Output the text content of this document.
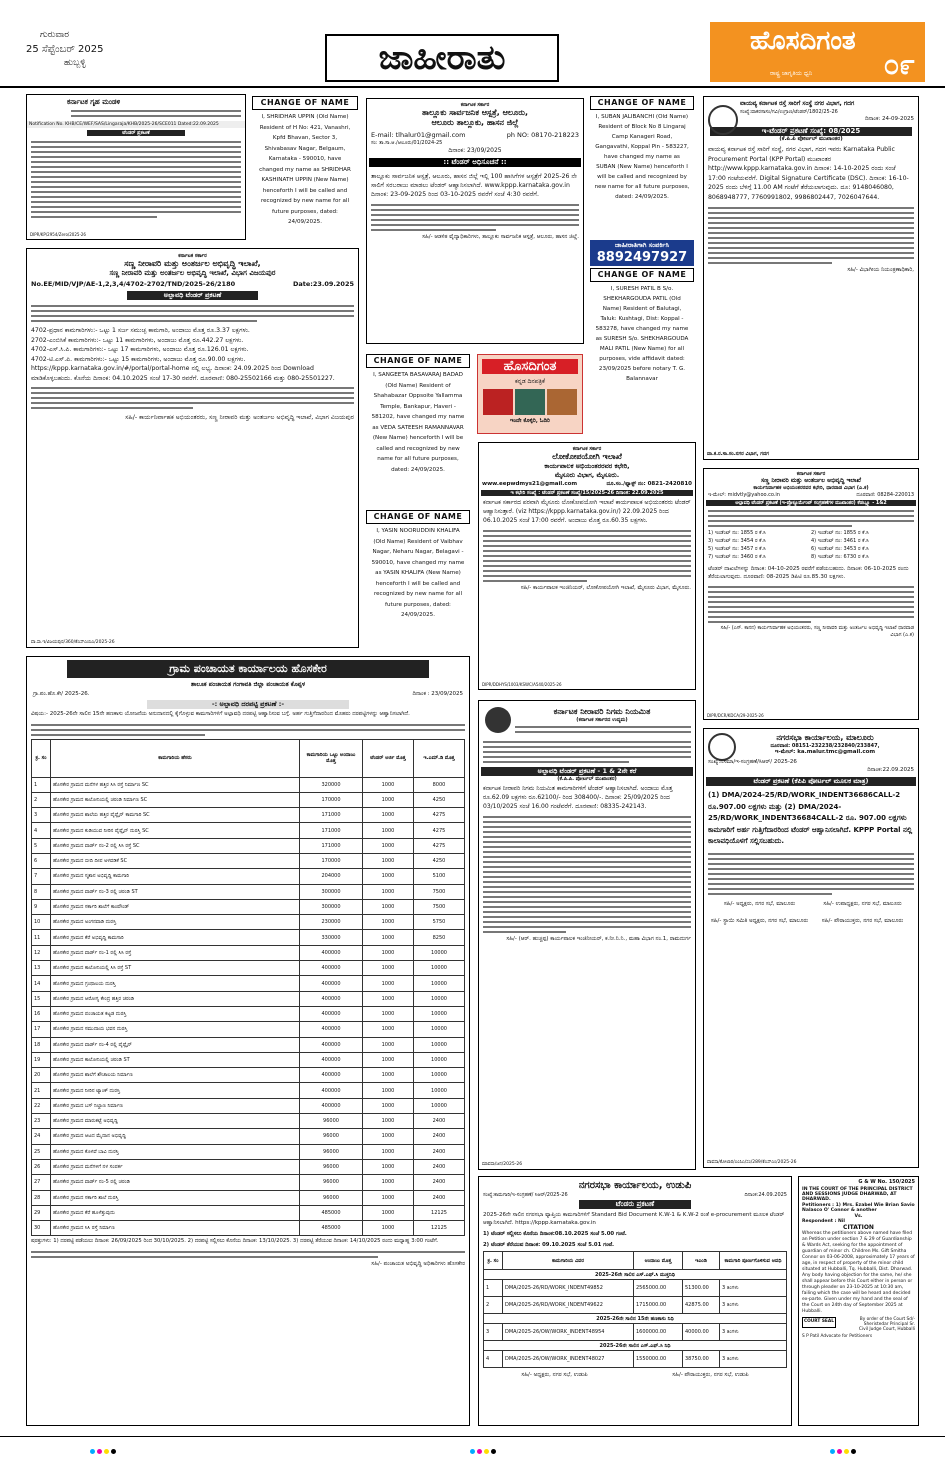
ಗುರುವಾರ
25 ಸೆಪ್ಟೆಂಬರ್ 2025
ಹುಬ್ಬಳ್ಳಿ	ಜಾಹೀರಾತು	ಹೊಸದಿಗಂತ
ರಾಷ್ಟ್ರ ಜಾಗೃತಿಯ ಧ್ವನಿ	೦೯
ಕರ್ನಾಟಕ ಗೃಹ ಮಂಡಳಿ
Notification No. KHB/CE/WEF/SAS/Lingaraja/KHB/2025-26/SCE011 Dated:22.09.2025
ಟೆಂಡರ್ ಪ್ರಕಟಣೆ
DIPR/KP/2954/Zero/2025-26
CHANGE OF NAME
I, SHRIDHAR UPPIN (Old Name) Resident of H No: 421, Vanashri, Kpfd Bhavan, Sector 3, Shivabasav Nagar, Belgaum, Karnataka - 590010, have changed my name as SHRIDHAR KASHINATH UPPIN (New Name) henceforth I will be called and recognized by new name for all future purposes, dated: 24/09/2025.
ಕರ್ನಾಟಕ ಸರ್ಕಾರ
ಸಣ್ಣ ನೀರಾವರಿ ಮತ್ತು ಅಂತರ್ಜಲ ಅಭಿವೃದ್ಧಿ ಇಲಾಖೆ,
ಸಣ್ಣ ನೀರಾವರಿ ಮತ್ತು ಅಂತರ್ಜಲ ಅಭಿವೃದ್ಧಿ ಇಲಾಖೆ, ವಿಭಾಗ ವಿಜಯಪುರ
No.EE/MID/VJP/AE-1,2,3,4/4702-2702/TND/2025-26/2180	Date:23.09.2025
ಅಲ್ಪಾವಧಿ ಟೆಂಡರ್ ಪ್ರಕಟಣೆ

4702-ಪ್ರಧಾನ ಕಾಮಗಾರಿಗಳು:- ಒಟ್ಟು 1 ಸರ್ಜ ಸಮುಚ್ಛ ಕಾಮಗಾರಿ, ಅಂದಾಜು ಮೊತ್ತ ರೂ.3.37 ಲಕ್ಷಗಳು.

2702-ಎಂಬಿಸಿಕೆ ಕಾಮಗಾರಿಗಳು:- ಒಟ್ಟು 11 ಕಾಮಗಾರಿಗಳು, ಅಂದಾಜು ಮೊತ್ತ ರೂ.442.27 ಲಕ್ಷಗಳು.

4702-ಎಸ್.ಸಿ.ಪಿ. ಕಾಮಗಾರಿಗಳು:- ಒಟ್ಟು 17 ಕಾಮಗಾರಿಗಳು, ಅಂದಾಜು ಮೊತ್ತ ರೂ.126.01 ಲಕ್ಷಗಳು.

4702-ಟಿ.ಎಸ್.ಪಿ. ಕಾಮಗಾರಿಗಳು:- ಒಟ್ಟು 15 ಕಾಮಗಾರಿಗಳು, ಅಂದಾಜು ಮೊತ್ತ ರೂ.90.00 ಲಕ್ಷಗಳು.

https://kppp.karnataka.gov.in/#/portal/portal-home ನಲ್ಲಿ ಲಭ್ಯ. ದಿನಾಂಕ: 24.09.2025 ರಿಂದ Download ಮಾಡಿಕೊಳ್ಳಬಹುದು. ಕೊನೆಯ ದಿನಾಂಕ: 04.10.2025 ಸಂಜೆ 17-30 ರವರೆಗೆ. ದೂರವಾಣಿ: 080-25502166 ಮತ್ತು 080-25501227.

ಸಹಿ/- ಕಾರ್ಯನಿರ್ವಾಹಕ ಅಭಿಯಂತರರು, ಸಣ್ಣ ನೀರಾವರಿ ಮತ್ತು ಅಂತರ್ಜಲ ಅಭಿವೃದ್ಧಿ ಇಲಾಖೆ, ವಿಭಾಗ ವಿಜಯಪುರ

ವಾ.ಸಾ.ಇ/ವಿಜಯಪುರ/360/ಕೆಎಸ್ಎಂಸಿಎ/2025-26
ಕರ್ನಾಟಕ ಸರ್ಕಾರ
ತಾಲ್ಲೂಕು ಸಾರ್ವಜನಿಕ ಆಸ್ಪತ್ರೆ, ಆಲೂರು,
ಆಲೂರು ತಾಲ್ಲೂಕು, ಹಾಸನ ಜಿಲ್ಲೆ
E-mail: tlhalur01@gmail.com	ph NO: 08170-218223
ಸಂ: ತಾ.ಸಾ.ಆ./ಆಲೂರು/01/2024-25
ದಿನಾಂಕ: 23/09/2025
:: ಟೆಂಡರ್ ಅಧಿಸೂಚನೆ ::
ತಾಲ್ಲೂಕು ಸಾರ್ವಜನಿಕ ಆಸ್ಪತ್ರೆ, ಆಲೂರು, ಹಾಸನ ಜಿಲ್ಲೆ ಇಲ್ಲಿ 100 ಹಾಸಿಗೆಗಳ ಆಸ್ಪತ್ರೆಗೆ 2025-26 ನೇ ಸಾಲಿಗೆ ಸರಬರಾಜು ಮಾಡಲು ಟೆಂಡರ್ ಆಹ್ವಾನಿಸಲಾಗಿದೆ. www.kppp.karnataka.gov.in ದಿನಾಂಕ: 23-09-2025 ರಿಂದ 03-10-2025 ರವರೆಗೆ ಸಂಜೆ 4:30 ರವರೆಗೆ.
ಸಹಿ/- ಆಡಳಿತ ವೈದ್ಯಾಧಿಕಾರಿಗಳು, ತಾಲ್ಲೂಕು ಸಾರ್ವಜನಿಕ ಆಸ್ಪತ್ರೆ, ಆಲೂರು, ಹಾಸನ ಜಿಲ್ಲೆ.
CHANGE OF NAME
I, SANGEETA BASAVARAJ BADAD (Old Name) Resident of Shahabazar Oppsoite Yallamma Temple, Bankapur, Haveri - 581202, have changed my name as VEDA SATEESH RAMANNAVAR (New Name) henceforth I will be called and recognized by new name for all future purposes, dated: 24/09/2025.
ಹೊಸದಿಗಂತ
ಕನ್ನಡ ದಿನಪತ್ರಿಕೆ
ಇಂದೇ ಕೊಳ್ಳಿರಿ, ಓದಿರಿ
CHANGE OF NAME
I, YASIN NOORUDDIN KHALIFA (Old Name) Resident of Vaibhav Nagar, Neharu Nagar, Belagavi - 590010, have changed my name as YASIN KHALIFA (New Name) henceforth I will be called and recognized by new name for all future purposes, dated: 24/09/2025.
CHANGE OF NAME
I, SUBAN JALIBANCHI (Old Name) Resident of Block No 8 Lingaraj Camp Kanageri Road, Gangavathi, Koppal Pin - 583227, have changed my name as SUBAN (New Name) henceforth I will be called and recognized by new name for all future purposes, dated: 24/09/2025.
ಜಾಹೀರಾತಿಗಾಗಿ ಸಂಪರ್ಕಿಸಿ
8892497927
CHANGE OF NAME
I, SURESH PATIL B S/o. SHEKHARGOUDA PATIL (Old Name) Resident of Balutagi, Taluk: Kushtagi, Dist: Koppal - 583278, have changed my name as SURESH S/o. SHEKHARGOUDA MALI PATIL (New Name) for all purposes, vide affidavit dated: 23/09/2025 before notary T. G. Balannavar
ಕರ್ನಾಟಕ ಸರ್ಕಾರ
ಲೋಕೋಪಯೋಗಿ ಇಲಾಖೆ
ಕಾರ್ಯಪಾಲಕ ಅಭಿಯಂತರರವರ ಕಛೇರಿ,
ಮೈಸೂರು ವಿಭಾಗ, ಮೈಸೂರು.
www.eepwdmys21@gmail.com	ದೂ.ಸಂ./ಫ್ಯಾಕ್ಸ್ ನಂ: 0821-2420810
ಇ ಕಛೇರಿ ಸಂಖ್ಯೆ : ಟೆಂಡರ್ ಪ್ರಕಟಣೆ ಸಂಖ್ಯೆ/15/2025-26 ದಿನಾಂಕ: 22.09.2025
ಕರ್ನಾಟಕ ಸರ್ಕಾರದ ಪರವಾಗಿ ಮೈಸೂರು ಲೋಕೋಪಯೋಗಿ ಇಲಾಖೆ ಕಾರ್ಯಪಾಲಕ ಅಭಿಯಂತರರು ಟೆಂಡರ್ ಆಹ್ವಾನಿಸುತ್ತಾರೆ. (viz https://kppp.karnataka.gov.in/) 22.09.2025 ರಿಂದ 06.10.2025 ಸಂಜೆ 17:00 ರವರೆಗೆ. ಅಂದಾಜು ಮೊತ್ತ ರೂ.60.35 ಲಕ್ಷಗಳು.
ಸಹಿ/- ಕಾರ್ಯಪಾಲಕ ಇಂಜಿನಿಯರ್, ಲೋಕೋಪಯೋಗಿ ಇಲಾಖೆ, ಮೈಸೂರು ವಿಭಾಗ, ಮೈಸೂರು.
DIPR/DDHYS/1003/KSWC/A540/2025-26
ವಾಯವ್ಯ ಕರ್ನಾಟಕ ರಸ್ತೆ ಸಾರಿಗೆ ಸಂಸ್ಥೆ ನಗರ ವಿಭಾಗ, ಗದಗ
ಸಂಖ್ಯೆ:ವಾಕರಸಾಸಂ/ಗವಿ/ಉಗ್ರಾಣ/ಟೆಂಡರ್/1802/25-26
ದಿನಾಂಕ: 24-09-2025
ಇ-ಟೆಂಡರ್ ಪ್ರಕಟಣೆ ಸಂಖ್ಯೆ: 08/2025
(ಕೆ.ಪಿ.ಪಿ ಪೋರ್ಟಲ್ ಮುಖಾಂತರ)
ವಾಯವ್ಯ ಕರ್ನಾಟಕ ರಸ್ತೆ ಸಾರಿಗೆ ಸಂಸ್ಥೆ, ನಗರ ವಿಭಾಗ, ಗದಗ ಇವರು Karnataka Public Procurement Portal (KPP Portal) ಮುಖಾಂತರ http://www.kppp.karnataka.gov.in ದಿನಾಂಕ: 14-10-2025 ರಂದು ಸಂಜೆ 17:00 ಗಂಟೆಯವರೆಗೆ. Digital Signature Certificate (DSC). ದಿನಾಂಕ: 16-10-2025 ರಂದು ಬೆಳಿಗ್ಗೆ 11.00 AM ಗಂಟೆಗೆ ತೆರೆಯಲಾಗುವುದು. ದೂ: 9148046080, 8068948777, 7760991802, 9986802447, 7026047644.
ಸಹಿ/- ವಿಭಾಗೀಯ ನಿಯಂತ್ರಣಾಧಿಕಾರಿ,
ವಾ.ಕ.ರ.ಸಾ.ಸಂ.ನಗರ ವಿಭಾಗ, ಗದಗ
ಕರ್ನಾಟಕ ಸರ್ಕಾರ
ಸಣ್ಣ ನೀರಾವರಿ ಮತ್ತು ಅಂತರ್ಜಲ ಅಭಿವೃದ್ಧಿ ಇಲಾಖೆ
ಕಾರ್ಯನಿರ್ವಾಹಕ ಅಭಿಯಂತರರವರ ಕಛೇರಿ, ಧಾರವಾಡ ವಿಭಾಗ (ಎ.ಕ)
ಇ-ಮೇಲ್: midvtly@yahoo.co.in	ದೂರವಾಣಿ: 08284-220013
ಅಲ್ಪಾವಧಿ ಟೆಂಡರ್ ಪ್ರಕಟಣೆ (ಇ-ಪ್ರೊಕ್ಯೂರ್ಮೆಂಟ್ ಸಂಗ್ರಹಣೆಗಳ ಮುಖಾಂತರ) ಕೆಡಬ್ಲ್ಯೂ - 1&2
1) ಇಂಡೆಂಟ್ ನಂ: 1855 ರ ಕೆ.ಸಿ	2) ಇಂಡೆಂಟ್ ನಂ: 1855 ರ ಕೆ.ಸಿ
3) ಇಂಡೆಂಟ್ ನಂ: 3454 ರ ಕೆ.ಸಿ	4) ಇಂಡೆಂಟ್ ನಂ: 3461 ರ ಕೆ.ಸಿ
5) ಇಂಡೆಂಟ್ ನಂ: 3457 ರ ಕೆ.ಸಿ	6) ಇಂಡೆಂಟ್ ನಂ: 3453 ರ ಕೆ.ಸಿ
7) ಇಂಡೆಂಟ್ ನಂ: 3460 ರ ಕೆ.ಸಿ	8) ಇಂಡೆಂಟ್ ನಂ: 6730 ರ ಕೆ.ಸಿ
ಟೆಂಡರ್ ದಾಖಲೆಗಳನ್ನು ದಿನಾಂಕ: 04-10-2025 ರವರೆಗೆ ಪಡೆಯಬಹುದು. ದಿನಾಂಕ: 06-10-2025 ರಂದು ತೆರೆಯಲಾಗುವುದು. ದೂರವಾಣಿ: 08-2025 ಡಿಪಿಟಿ ರೂ.85.30 ಲಕ್ಷಗಳು.
ಸಹಿ/- (ಎಸ್. ಕಾನನ) ಕಾರ್ಯನಿರ್ವಾಹಕ ಅಭಿಯಂತರರು, ಸಣ್ಣ ನೀರಾವರಿ ಮತ್ತು ಅಂತರ್ಜಲ ಅಭಿವೃದ್ಧಿ ಇಲಾಖೆ ಧಾರವಾಡ ವಿಭಾಗ (ಎ.ಕ)
DIPR/DCR/KDCA/29-2025-26
ಗ್ರಾಮ ಪಂಚಾಯತ ಕಾರ್ಯಾಲಯ ಹೊಸಕೇರ
ತಾಲೂಕ ಪಂಚಾಯತ ಗಂಗಾವತಿ ಜಿಲ್ಲಾ ಪಂಚಾಯತ ಕೊಪ್ಪಳ
ಗ್ರಾ.ಪಂ.ಹೊ.ಕೇ/ 2025-26.	ದಿನಾಂಕ : 23/09/2025
-: ಅಲ್ಪಾವಧಿ ದರಪಟ್ಟಿ ಪ್ರಕಟಣೆ :-
ವಿಷಯ:- 2025-26ನೇ ಸಾಲಿನ 15ನೇ ಹಣಕಾಸು ಯೋಜನೆಯ ಅನುದಾನದಲ್ಲಿ ಕೈಗೊಳ್ಳುವ ಕಾಮಗಾರಿಗಳಿಗೆ ಅಲ್ಪಾವಧಿ ದರಪಟ್ಟಿ ಆಹ್ವಾನಿಸುವ ಬಗ್ಗೆ. ಅರ್ಹ ಗುತ್ತಿಗೆದಾರರಿಂದ ಮೊಹರು ದರಪಟ್ಟಿಗಳನ್ನು ಆಹ್ವಾನಿಸಲಾಗಿದೆ.
ಕ್ರ. ಸಂ	ಕಾಮಗಾರಿಯ ಹೆಸರು	ಕಾಮಗಾರಿಯ ಒಟ್ಟು ಅಂದಾಜು ಮೊತ್ತ	ಟೆಂಡರ್ ಅರ್ಜಿ ಮೊತ್ತ	ಇ.ಎಮ್.ಡಿ ಮೊತ್ತ
1	ಹೊಸಕೇರ ಗ್ರಾಮದ ಮನೆಗಳ ಹತ್ತಿರ ಸಿಸಿ ರಸ್ತೆ ನಿರ್ಮಾಣ SC	320000	1000	8000
2	ಹೊಸಕೇರ ಗ್ರಾಮದ ಕಾಲೋನಿಯಲ್ಲಿ ಚರಂಡಿ ನಿರ್ಮಾಣ SC	170000	1000	4250
3	ಹೊಸಕೇರ ಗ್ರಾಮದ ಶಾಲೆಯ ಹತ್ತಿರ ಪೈಪ್ಲೈನ್ ಕಾಮಗಾರಿ SC	171000	1000	4275
4	ಹೊಸಕೇರ ಗ್ರಾಮದ ಕುಡಿಯುವ ನೀರಿನ ಪೈಪ್ಲೈನ್ ದುರಸ್ತಿ SC	171000	1000	4275
5	ಹೊಸಕೇರ ಗ್ರಾಮದ ವಾರ್ಡ್ ನಂ-2 ರಲ್ಲಿ ಸಿಸಿ ರಸ್ತೆ SC	171000	1000	4275
6	ಹೊಸಕೇರ ಗ್ರಾಮದ ಬೀದಿ ದೀಪ ಅಳವಡಿಕೆ SC	170000	1000	4250
7	ಹೊಸಕೇರ ಗ್ರಾಮದ ಸ್ಮಶಾನ ಅಭಿವೃದ್ಧಿ ಕಾಮಗಾರಿ	204000	1000	5100
8	ಹೊಸಕೇರ ಗ್ರಾಮದ ವಾರ್ಡ್ ನಂ-3 ರಲ್ಲಿ ಚರಂಡಿ ST	300000	1000	7500
9	ಹೊಸಕೇರ ಗ್ರಾಮದ ಸರ್ಕಾರಿ ಶಾಲೆಗೆ ಕಾಂಪೌಂಡ್	300000	1000	7500
10	ಹೊಸಕೇರ ಗ್ರಾಮದ ಅಂಗನವಾಡಿ ದುರಸ್ತಿ	230000	1000	5750
11	ಹೊಸಕೇರ ಗ್ರಾಮದ ಕೆರೆ ಅಭಿವೃದ್ಧಿ ಕಾಮಗಾರಿ	330000	1000	8250
12	ಹೊಸಕೇರ ಗ್ರಾಮದ ವಾರ್ಡ್ ನಂ-1 ರಲ್ಲಿ ಸಿಸಿ ರಸ್ತೆ	400000	1000	10000
13	ಹೊಸಕೇರ ಗ್ರಾಮದ ಕಾಲೋನಿಯಲ್ಲಿ ಸಿಸಿ ರಸ್ತೆ ST	400000	1000	10000
14	ಹೊಸಕೇರ ಗ್ರಾಮದ ಗ್ರಂಥಾಲಯ ದುರಸ್ತಿ	400000	1000	10000
15	ಹೊಸಕೇರ ಗ್ರಾಮದ ಆರೋಗ್ಯ ಕೇಂದ್ರ ಹತ್ತಿರ ಚರಂಡಿ	400000	1000	10000
16	ಹೊಸಕೇರ ಗ್ರಾಮದ ಪಂಚಾಯತ ಕಟ್ಟಡ ದುರಸ್ತಿ	400000	1000	10000
17	ಹೊಸಕೇರ ಗ್ರಾಮದ ಸಮುದಾಯ ಭವನ ದುರಸ್ತಿ	400000	1000	10000
18	ಹೊಸಕೇರ ಗ್ರಾಮದ ವಾರ್ಡ್ ನಂ-4 ರಲ್ಲಿ ಪೈಪ್ಲೈನ್	400000	1000	10000
19	ಹೊಸಕೇರ ಗ್ರಾಮದ ಕಾಲೋನಿಯಲ್ಲಿ ಚರಂಡಿ ST	400000	1000	10000
20	ಹೊಸಕೇರ ಗ್ರಾಮದ ಶಾಲೆಗೆ ಶೌಚಾಲಯ ನಿರ್ಮಾಣ	400000	1000	10000
21	ಹೊಸಕೇರ ಗ್ರಾಮದ ನೀರಿನ ಟ್ಯಾಂಕ್ ದುರಸ್ತಿ	400000	1000	10000
22	ಹೊಸಕೇರ ಗ್ರಾಮದ ಬಸ್ ನಿಲ್ದಾಣ ನಿರ್ಮಾಣ	400000	1000	10000
23	ಹೊಸಕೇರ ಗ್ರಾಮದ ಮಾರುಕಟ್ಟೆ ಅಭಿವೃದ್ಧಿ	96000	1000	2400
24	ಹೊಸಕೇರ ಗ್ರಾಮದ ಆಟದ ಮೈದಾನ ಅಭಿವೃದ್ಧಿ	96000	1000	2400
25	ಹೊಸಕೇರ ಗ್ರಾಮದ ಕೊಳವೆ ಬಾವಿ ದುರಸ್ತಿ	96000	1000	2400
26	ಹೊಸಕೇರ ಗ್ರಾಮದ ಮನೆಗಳಿಗೆ ನಳ ಸಂಪರ್ಕ	96000	1000	2400
27	ಹೊಸಕೇರ ಗ್ರಾಮದ ವಾರ್ಡ್ ನಂ-5 ರಲ್ಲಿ ಚರಂಡಿ	96000	1000	2400
28	ಹೊಸಕೇರ ಗ್ರಾಮದ ಸರ್ಕಾರಿ ಶಾಲೆ ದುರಸ್ತಿ	96000	1000	2400
29	ಹೊಸಕೇರ ಗ್ರಾಮದ ಕೆರೆ ಹೂಳೆತ್ತುವುದು	485000	1000	12125
30	ಹೊಸಕೇರ ಗ್ರಾಮದ ಸಿಸಿ ರಸ್ತೆ ನಿರ್ಮಾಣ	485000	1000	12125
ಷರತ್ತುಗಳು: 1) ದರಪಟ್ಟಿ ಪಡೆಯಲು ದಿನಾಂಕ: 26/09/2025 ರಿಂದ 30/10/2025. 2) ದರಪಟ್ಟಿ ಸಲ್ಲಿಸಲು ಕೊನೆಯ ದಿನಾಂಕ: 13/10/2025. 3) ದರಪಟ್ಟಿ ತೆರೆಯುವ ದಿನಾಂಕ: 14/10/2025 ರಂದು ಮಧ್ಯಾಹ್ನ 3:00 ಗಂಟೆಗೆ.
ಸಹಿ/- ಪಂಚಾಯತ ಅಭಿವೃದ್ಧಿ ಅಧಿಕಾರಿಗಳು ಹೊಸಕೇರ
ಕರ್ನಾಟಕ ನೀರಾವರಿ ನಿಗಮ ನಿಯಮಿತ
(ಕರ್ನಾಟಕ ಸರ್ಕಾರದ ಉದ್ಯಮ)
ಅಲ್ಪಾವಧಿ ಟೆಂಡರ್ ಪ್ರಕಟಣೆ - 1 & 2ನೇ ಕರೆ
(ಕೆ.ಪಿ.ಪಿ. ಪೋರ್ಟಲ್ ಮುಖಾಂತರ)
ಕರ್ನಾಟಕ ನೀರಾವರಿ ನಿಗಮ ನಿಯಮಿತ ಕಾಮಗಾರಿಗಳಿಗೆ ಟೆಂಡರ್ ಆಹ್ವಾನಿಸಲಾಗಿದೆ. ಅಂದಾಜು ಮೊತ್ತ ರೂ.62.09 ಲಕ್ಷಗಳು ರೂ.62100/- ರಿಂದ 308400/-. ದಿನಾಂಕ: 25/09/2025 ರಿಂದ 03/10/2025 ಸಂಜೆ 16.00 ಗಂಟೆವರೆಗೆ. ದೂರವಾಣಿ: 08335-242143.
ಸಹಿ/- (ಆರ್. ಹುಚ್ಚಪ್ಪ) ಕಾರ್ಯಪಾಲಕ ಇಂಜಿನೀಯರ್, ಕ.ನೀ.ನಿ.ನಿ., ಮಹಾ ವಿಭಾಗ ನಂ.1, ರಾಮದುರ್ಗ
ಮಾವಸಾ/ಜನ/2025-26
ನಗರಸಭಾ ಕಾರ್ಯಾಲಯ, ಮಾಲೂರು
ದೂರವಾಣಿ: 08151-232238/232840/233847,
ಇ-ಮೇಲ್: ka.malur.tmc@gmail.com
ಸಂಖ್ಯೆ:ನಸಮಾ/ಇ-ಸಂಗ್ರಹಣೆ/ಸಿಆರ್/ 2025-26
ದಿನಾಂಕ:22.09.2025
ಟೆಂಡರ್ ಪ್ರಕಟಣೆ (ಕೆಪಿಪಿ ಪೋರ್ಟಲ್ ಮೂಲಕ ಮಾತ್ರ)
(1) DMA/2024-25/RD/WORK_INDENT36686CALL-2 ರೂ.907.00 ಲಕ್ಷಗಳು ಮತ್ತು (2) DMA/2024-25/RD/WORK_INDENT36684CALL-2 ರೂ. 907.00 ಲಕ್ಷಗಳು ಕಾಮಗಾರಿಗೆ ಅರ್ಹ ಗುತ್ತಿಗೆದಾರರಿಂದ ಟೆಂಡರ್ ಆಹ್ವಾನಿಸಲಾಗಿದೆ. KPPP Portal ನಲ್ಲಿ ಕಾಲಾವಧಿಯೊಳಗೆ ಸಲ್ಲಿಸಬಹುದು.
ಸಹಿ/- ಅಧ್ಯಕ್ಷರು, ನಗರ ಸಭೆ, ಮಾಲೂರು	ಸಹಿ/- ಉಪಾಧ್ಯಕ್ಷರು, ನಗರ ಸಭೆ, ಮಾಲೂರು
ಸಹಿ/- ಸ್ಥಾಯಿ ಸಮಿತಿ ಅಧ್ಯಕ್ಷರು, ನಗರ ಸಭೆ, ಮಾಲೂರು	ಸಹಿ/- ಪೌರಾಯುಕ್ತರು, ನಗರ ಸಭೆ, ಮಾಲೂರು
ವಾವಸಾ/ಕೋಲಾರ/ಎಂಸಿಎ/ಸಂ/289/ಕೆಎಸ್ಎಂ/2025-26
ನಗರಸಭಾ ಕಾರ್ಯಾಲಯ, ಉಡುಪಿ
ಸಂಖ್ಯೆ:ಕಾಮಗಾರಿ/ಇ-ಸಂಗ್ರಹಣೆ/ ಸಿಆರ್/2025-26	ದಿನಾಂಕ:24.09.2025
ಟೆಂಡರು ಪ್ರಕಟಣೆ
2025-26ನೇ ಸಾಲಿನ ನಗರಸಭಾ ವ್ಯಾಪ್ತಿಯ ಕಾಮಗಾರಿಗಳಿಗೆ Standard Bid Document K.W-1 & K.W-2 ರಂತೆ e-procurement ಮೂಲಕ ಟೆಂಡರ್ ಆಹ್ವಾನಿಸಲಾಗಿದೆ. https://kppp.karnataka.gov.in
1) ಟೆಂಡರ್ ಸಲ್ಲಿಸಲು ಕೊನೆಯ ದಿನಾಂಕ:08.10.2025 ಸಂಜೆ 5.00 ಗಂಟೆ.
2) ಟೆಂಡರ್ ತೆರೆಯುವ ದಿನಾಂಕ: 09.10.2025 ಸಂಜೆ 5.01 ಗಂಟೆ.
ಕ್ರ. ಸಂ	ಕಾಮಗಾರಿಯ ವಿವರ	ಅಂದಾಜು ಮೊತ್ತ	ಇಎಂಡಿ	ಕಾಮಗಾರಿ ಪೂರ್ಣಗೊಳಿಸುವ ಅವಧಿ
2025-26ನೇ ಸಾಲಿನ ಎಸ್.ಎಫ್.ಸಿ ಮುಕ್ತನಿಧಿ				
1	DMA/2025-26/RD/WORK_INDENT49852	2565000.00	51300.00	3 ತಿಂಗಳು
2	DMA/2025-26/RD/WORK_INDENT49622	1715000.00	42875.00	3 ತಿಂಗಳು
2025-26ನೇ ಸಾಲಿನ 15ನೇ ಹಣಕಾಸು ನಿಧಿ				
3	DMA/2025-26/OW/WORK_INDENT48954	1600000.00	40000.00	3 ತಿಂಗಳು
2025-26ನೇ ಸಾಲಿನ ಎಸ್.ಎಫ್.ಸಿ ನಿಧಿ				
4	DMA/2025-26/OW/WORK_INDENT48027	1550000.00	38750.00	3 ತಿಂಗಳು
ಸಹಿ/- ಅಧ್ಯಕ್ಷರು, ನಗರ ಸಭೆ, ಉಡುಪಿ	ಸಹಿ/- ಪೌರಾಯುಕ್ತರು, ನಗರ ಸಭೆ, ಉಡುಪಿ
G & W No. 150/2025
IN THE COURT OF THE PRINCIPAL DISTRICT AND SESSIONS JUDGE DHARWAD, AT DHARWAD.
Petitioners : 1) Mrs. Ezabel Wie Brian Savio Nalasco O' Connor & another
Vs.
Respondent : Nil
CITATION
Whereas the petitioners above named have filed an Petition under section 7 & 29 of Guardianship & Wards Act, seeking for the appointment of guardian of minor ch. Children Ms. Gift Smitha Connor on 03-06-2008, approximately 17 years of age, in respect of property of the minor child situated at Hubballi, Tq. Hubballi, Dist. Dharwad. Any body having objection for the same, he/ she shall appear before this Court either in person or through pleader on 23-10-2025 at 10:30 am, failing which the case will be heard and decided ex-parte. Given under my hand and the seal of the Court on 24th day of September 2025 at Hubballi.
COURT SEAL	By order of the Court Sd/- Sheristedar Principal Sr. Civil Judge Court, Hubballi
S P Patil Advocate for Petitioners
